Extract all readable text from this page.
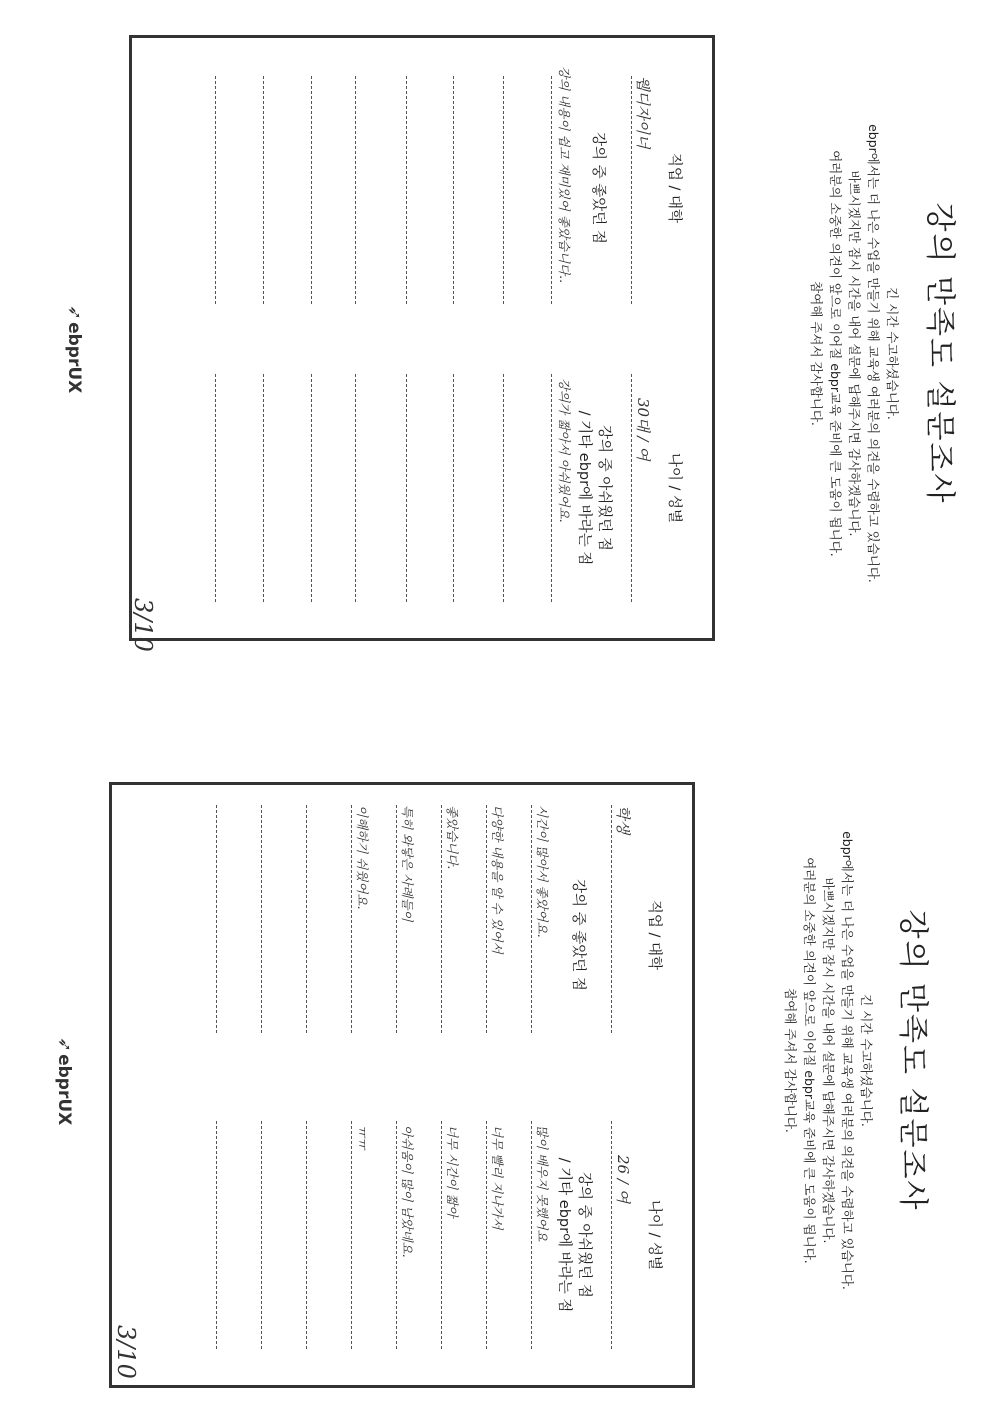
강의 만족도 설문조사
긴 시간 수고하셨습니다.
ebpr에서는 더 나은 수업을 만들기 위해 교육생 여러분의 의견을 수렴하고 있습니다.
바쁘시겠지만 잠시 시간을 내어 설문에 답해주시면 감사하겠습니다.
여러분의 소중한 의견이 앞으로 이어질 ebpr교육 준비에 큰 도움이 됩니다.
참여해 주셔서 감사합니다.
직업 / 대학
나이 / 성별
웹디자이너
30대 / 여
강의 중 좋았던 점
강의 중 아쉬웠던 점
/ 기타 ebpr에 바라는 점
강의 내용이 쉽고 재미있어 좋았습니다..
강의가 짧아서 아쉬웠어요.
3/10
➶ebprUX
강의 만족도 설문조사
긴 시간 수고하셨습니다.
ebpr에서는 더 나은 수업을 만들기 위해 교육생 여러분의 의견을 수렴하고 있습니다.
바쁘시겠지만 잠시 시간을 내어 설문에 답해주시면 감사하겠습니다.
여러분의 소중한 의견이 앞으로 이어질 ebpr교육 준비에 큰 도움이 됩니다.
참여해 주셔서 감사합니다.
직업 / 대학
나이 / 성별
학생
26 / 여
강의 중 좋았던 점
강의 중 아쉬웠던 점
/ 기타 ebpr에 바라는 점
시간이 많아서 좋았어요.
다양한 내용을 알 수 있어서
좋았습니다.
특히 와닿은 사례들이
이해하기 쉬웠어요.
많이 배우지 못했어요
너무 빨리 지나가서
너무 시간이 짧아
아쉬움이 많이 남았네요.
ㅠㅠ
3/10
➶ebprUX
